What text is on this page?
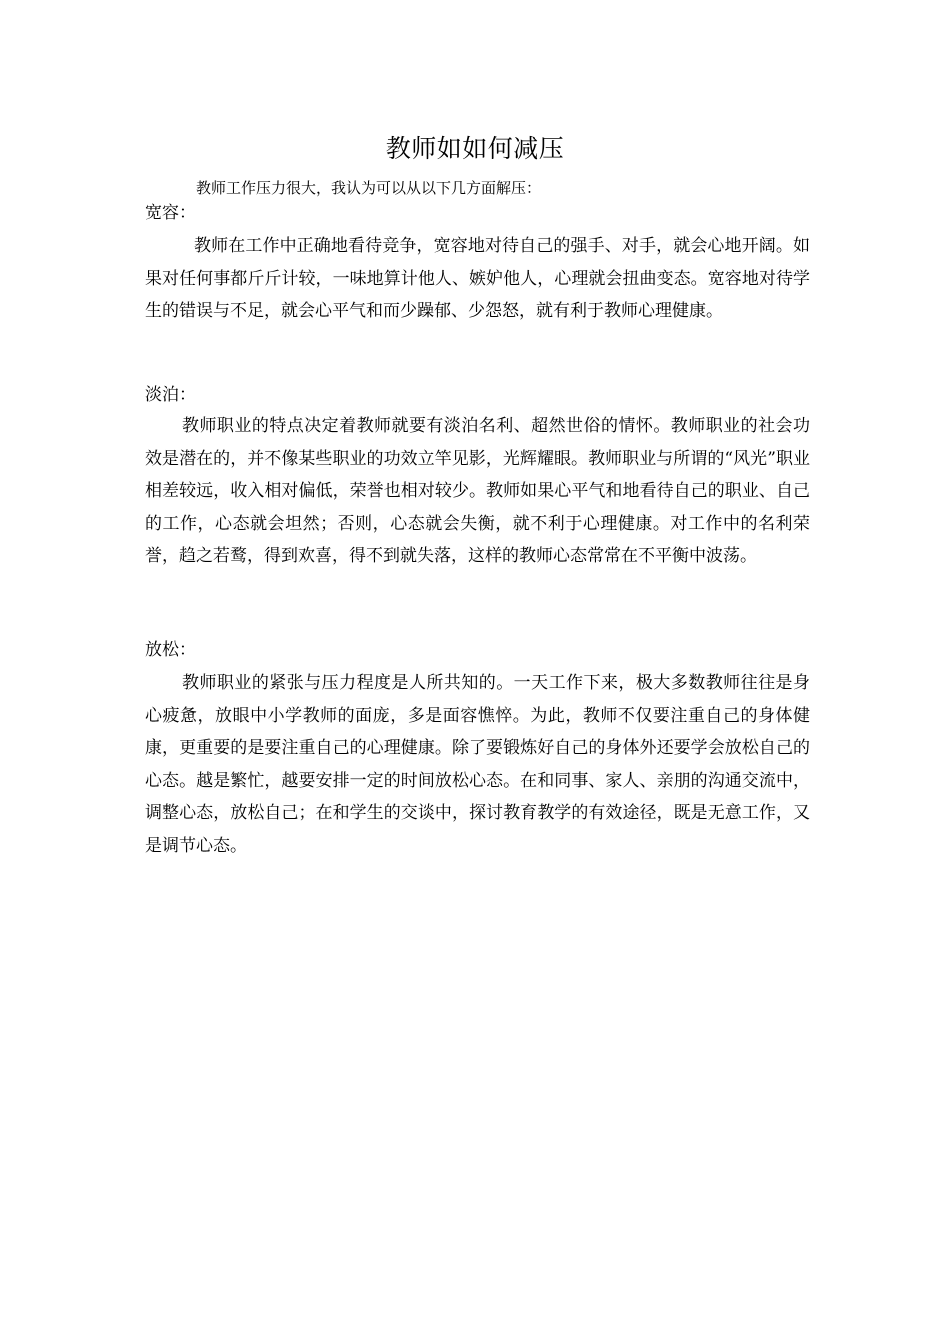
教师如如何减压
教师工作压力很大，我认为可以从以下几方面解压：
宽容：
教师在工作中正确地看待竞争，宽容地对待自己的强手、对手，就会心地开阔。如果对任何事都斤斤计较，一味地算计他人、嫉妒他人，心理就会扭曲变态。宽容地对待学生的错误与不足，就会心平气和而少躁郁、少怨怒，就有利于教师心理健康。
淡泊：
教师职业的特点决定着教师就要有淡泊名利、超然世俗的情怀。教师职业的社会功效是潜在的，并不像某些职业的功效立竿见影，光辉耀眼。教师职业与所谓的“风光”职业相差较远，收入相对偏低，荣誉也相对较少。教师如果心平气和地看待自己的职业、自己的工作，心态就会坦然；否则，心态就会失衡，就不利于心理健康。对工作中的名利荣誉，趋之若鹜，得到欢喜，得不到就失落，这样的教师心态常常在不平衡中波荡。
放松：
教师职业的紧张与压力程度是人所共知的。一天工作下来，极大多数教师往往是身心疲惫，放眼中小学教师的面庞，多是面容憔悴。为此，教师不仅要注重自己的身体健康，更重要的是要注重自己的心理健康。除了要锻炼好自己的身体外还要学会放松自己的心态。越是繁忙，越要安排一定的时间放松心态。在和同事、家人、亲朋的沟通交流中，调整心态，放松自己；在和学生的交谈中，探讨教育教学的有效途径，既是无意工作，又是调节心态。
